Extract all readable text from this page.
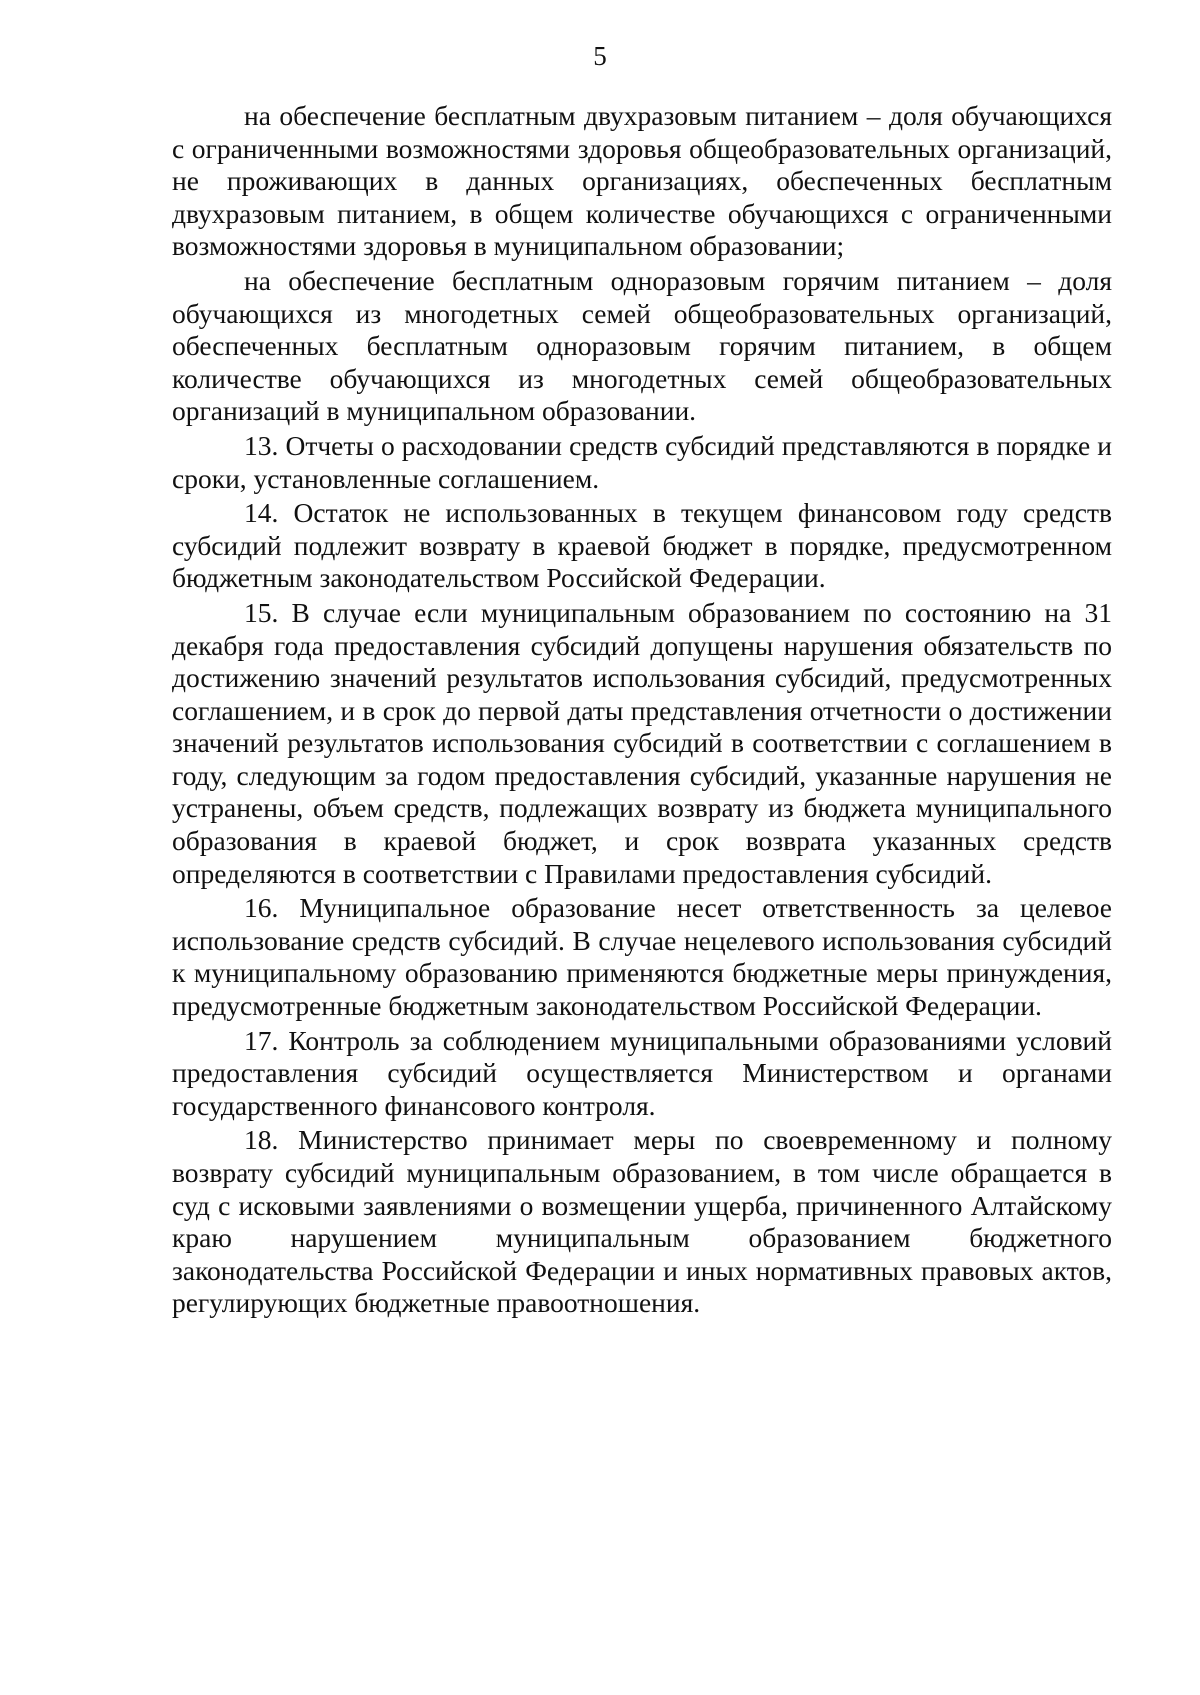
5

на обеспечение бесплатным двухразовым питанием – доля обучающихся с ограниченными возможностями здоровья общеобразовательных организаций, не проживающих в данных организациях, обеспеченных бесплатным двухразовым питанием, в общем количестве обучающихся с ограниченными возможностями здоровья в муниципальном образовании;

на обеспечение бесплатным одноразовым горячим питанием – доля обучающихся из многодетных семей общеобразовательных организаций, обеспеченных бесплатным одноразовым горячим питанием, в общем количестве обучающихся из многодетных семей общеобразовательных организаций в муниципальном образовании.

13. Отчеты о расходовании средств субсидий представляются в порядке и сроки, установленные соглашением.

14. Остаток не использованных в текущем финансовом году средств субсидий подлежит возврату в краевой бюджет в порядке, предусмотренном бюджетным законодательством Российской Федерации.

15. В случае если муниципальным образованием по состоянию на 31 декабря года предоставления субсидий допущены нарушения обязательств по достижению значений результатов использования субсидий, предусмотренных соглашением, и в срок до первой даты представления отчетности о достижении значений результатов использования субсидий в соответствии с соглашением в году, следующим за годом предоставления субсидий, указанные нарушения не устранены, объем средств, подлежащих возврату из бюджета муниципального образования в краевой бюджет, и срок возврата указанных средств определяются в соответствии с Правилами предоставления субсидий.

16. Муниципальное образование несет ответственность за целевое использование средств субсидий. В случае нецелевого использования субсидий к муниципальному образованию применяются бюджетные меры принуждения, предусмотренные бюджетным законодательством Российской Федерации.

17. Контроль за соблюдением муниципальными образованиями условий предоставления субсидий осуществляется Министерством и органами государственного финансового контроля.

18. Министерство принимает меры по своевременному и полному возврату субсидий муниципальным образованием, в том числе обращается в суд с исковыми заявлениями о возмещении ущерба, причиненного Алтайскому краю нарушением муниципальным образованием бюджетного законодательства Российской Федерации и иных нормативных правовых актов, регулирующих бюджетные правоотношения.
